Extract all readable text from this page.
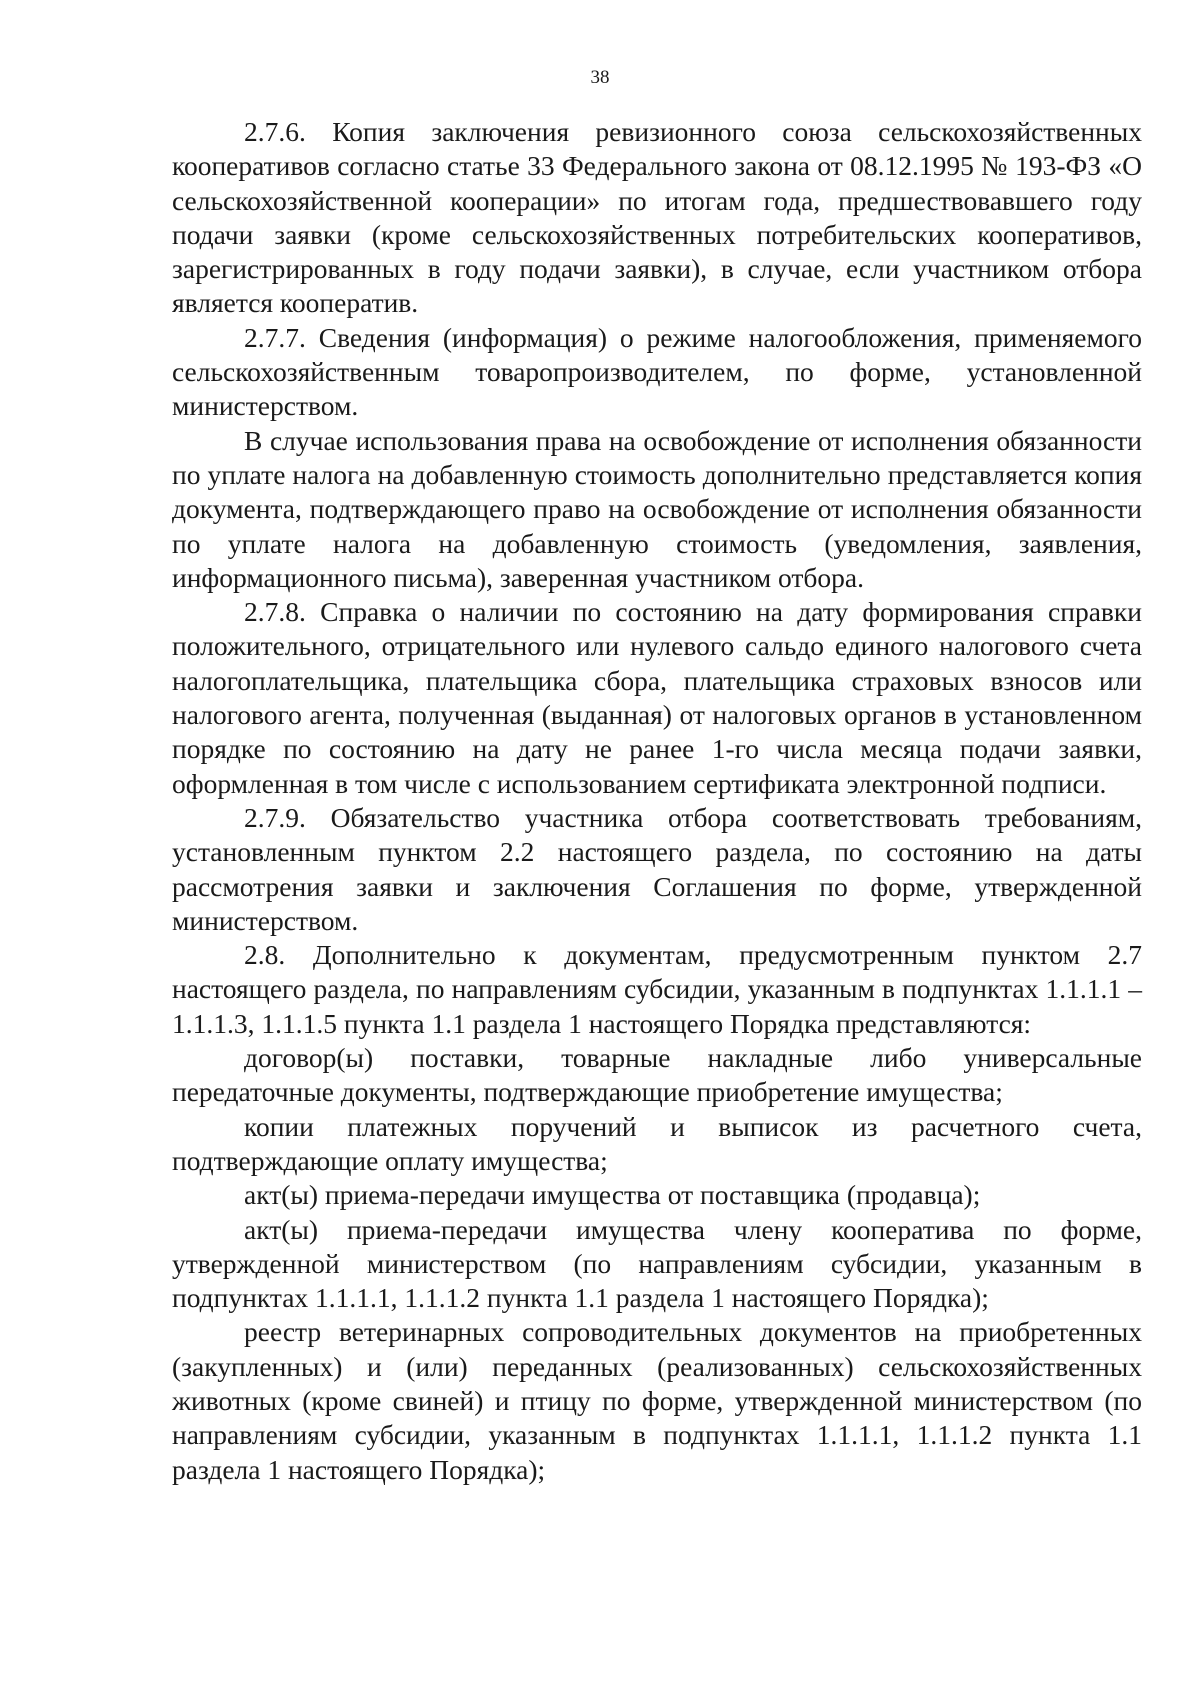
38

2.7.6. Копия заключения ревизионного союза сельскохозяйственных кооперативов согласно статье 33 Федерального закона от 08.12.1995 № 193-ФЗ «О сельскохозяйственной кооперации» по итогам года, предшествовавшего году подачи заявки (кроме сельскохозяйственных потребительских кооперативов, зарегистрированных в году подачи заявки), в случае, если участником отбора является кооператив.

2.7.7. Сведения (информация) о режиме налогообложения, применяемого сельскохозяйственным товаропроизводителем, по форме, установленной министерством.

В случае использования права на освобождение от исполнения обязанности по уплате налога на добавленную стоимость дополнительно представляется копия документа, подтверждающего право на освобождение от исполнения обязанности по уплате налога на добавленную стоимость (уведомления, заявления, информационного письма), заверенная участником отбора.

2.7.8. Справка о наличии по состоянию на дату формирования справки положительного, отрицательного или нулевого сальдо единого налогового счета налогоплательщика, плательщика сбора, плательщика страховых взносов или налогового агента, полученная (выданная) от налоговых органов в установленном порядке по состоянию на дату не ранее 1-го числа месяца подачи заявки, оформленная в том числе с использованием сертификата электронной подписи.

2.7.9. Обязательство участника отбора соответствовать требованиям, установленным пунктом 2.2 настоящего раздела, по состоянию на даты рассмотрения заявки и заключения Соглашения по форме, утвержденной министерством.

2.8. Дополнительно к документам, предусмотренным пунктом 2.7 настоящего раздела, по направлениям субсидии, указанным в подпунктах 1.1.1.1 – 1.1.1.3, 1.1.1.5 пункта 1.1 раздела 1 настоящего Порядка представляются:

договор(ы) поставки, товарные накладные либо универсальные передаточные документы, подтверждающие приобретение имущества;

копии платежных поручений и выписок из расчетного счета, подтверждающие оплату имущества;

акт(ы) приема-передачи имущества от поставщика (продавца);

акт(ы) приема-передачи имущества члену кооператива по форме, утвержденной министерством (по направлениям субсидии, указанным в подпунктах 1.1.1.1, 1.1.1.2 пункта 1.1 раздела 1 настоящего Порядка);

реестр ветеринарных сопроводительных документов на приобретенных (закупленных) и (или) переданных (реализованных) сельскохозяйственных животных (кроме свиней) и птицу по форме, утвержденной министерством (по направлениям субсидии, указанным в подпунктах 1.1.1.1, 1.1.1.2 пункта 1.1 раздела 1 настоящего Порядка);
